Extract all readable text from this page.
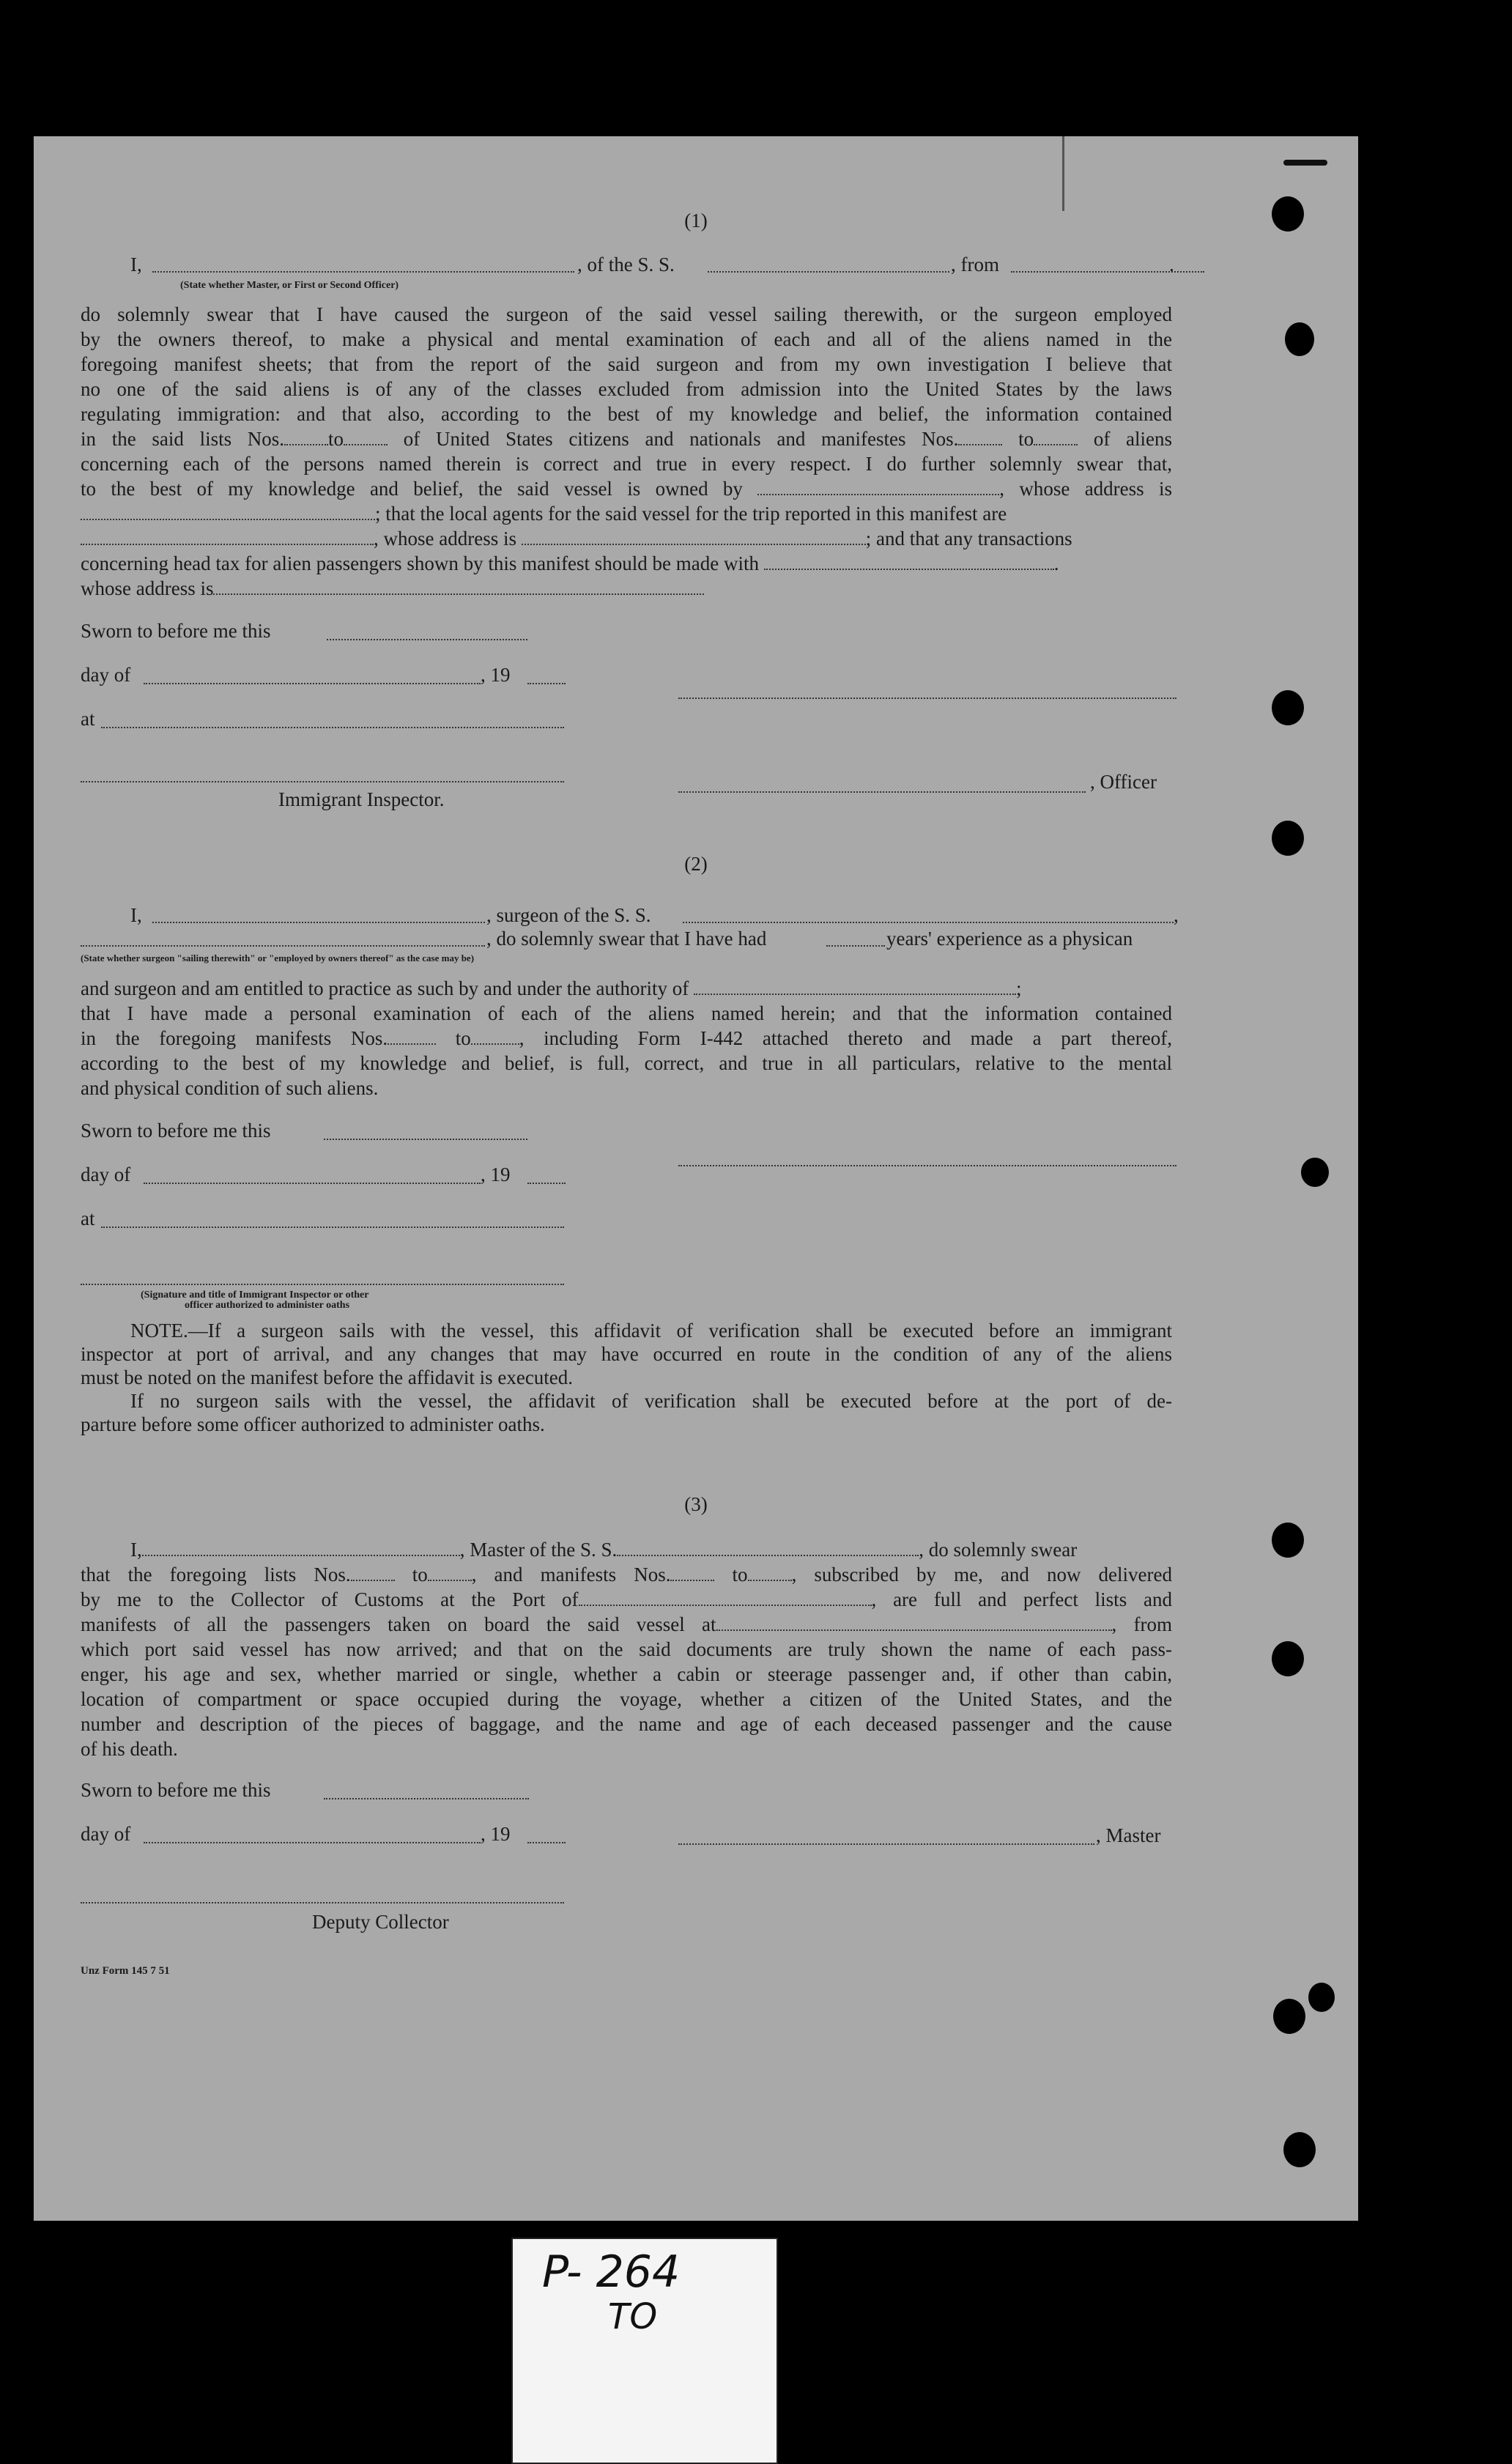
(1)
I,	, of the S. S.	, from	.
(State whether Master, or First or Second Officer)
do solemnly swear that I have caused the surgeon of the said vessel sailing therewith, or the surgeon employed
by the owners thereof, to make a physical and mental examination of each and all of the aliens named in the
foregoing manifest sheets; that from the report of the said surgeon and from my own investigation I believe that
no one of the said aliens is of any of the classes excluded from admission into the United States by the laws
regulating immigration: and that also, according to the best of my knowledge and belief, the information contained
in the said lists Nos. to	of United States citizens and nationals and manifestes Nos.	to	of aliens
concerning each of the persons named therein is correct and true in every respect. I do further solemnly swear that,
to the best of my knowledge and belief, the said vessel is owned by	, whose address is
; that the local agents for the said vessel for the trip reported in this manifest are
, whose address is	; and that any transactions
concerning head tax for alien passengers shown by this manifest should be made with	.
whose address is
Sworn to before me this
day of	, 19
at
, Officer
Immigrant Inspector.
(2)
I,	, surgeon of the S. S.	,
, do solemnly swear that I have had	years' experience as a physican
(State whether surgeon "sailing therewith" or "employed by owners thereof" as the case may be)
and surgeon and am entitled to practice as such by and under the authority of	;
that I have made a personal examination of each of the aliens named herein; and that the information contained
in the foregoing manifests Nos.	to , including Form I-442 attached thereto and made a part thereof,
according to the best of my knowledge and belief, is full, correct, and true in all particulars, relative to the mental
and physical condition of such aliens.
Sworn to before me this
day of	, 19
at
(Signature and title of Immigrant Inspector or other
officer authorized to administer oaths
NOTE.—If a surgeon sails with the vessel, this affidavit of verification shall be executed before an immigrant
inspector at port of arrival, and any changes that may have occurred en route in the condition of any of the aliens
must be noted on the manifest before the affidavit is executed.
If no surgeon sails with the vessel, the affidavit of verification shall be executed before at the port of de-
parture before some officer authorized to administer oaths.
(3)
I,	, Master of the S. S.	, do solemnly swear
that the foregoing lists Nos.	to , and manifests Nos.	to , subscribed by me, and now delivered
by me to the Collector of Customs at the Port of	, are full and perfect lists and
manifests of all the passengers taken on board the said vessel at	, from
which port said vessel has now arrived; and that on the said documents are truly shown the name of each pass-
enger, his age and sex, whether married or single, whether a cabin or steerage passenger and, if other than cabin,
location of compartment or space occupied during the voyage, whether a citizen of the United States, and the
number and description of the pieces of baggage, and the name and age of each deceased passenger and the cause
of his death.
Sworn to before me this
day of	, 19	, Master
Deputy Collector
Unz Form 145 7 51
P- 264
TO
